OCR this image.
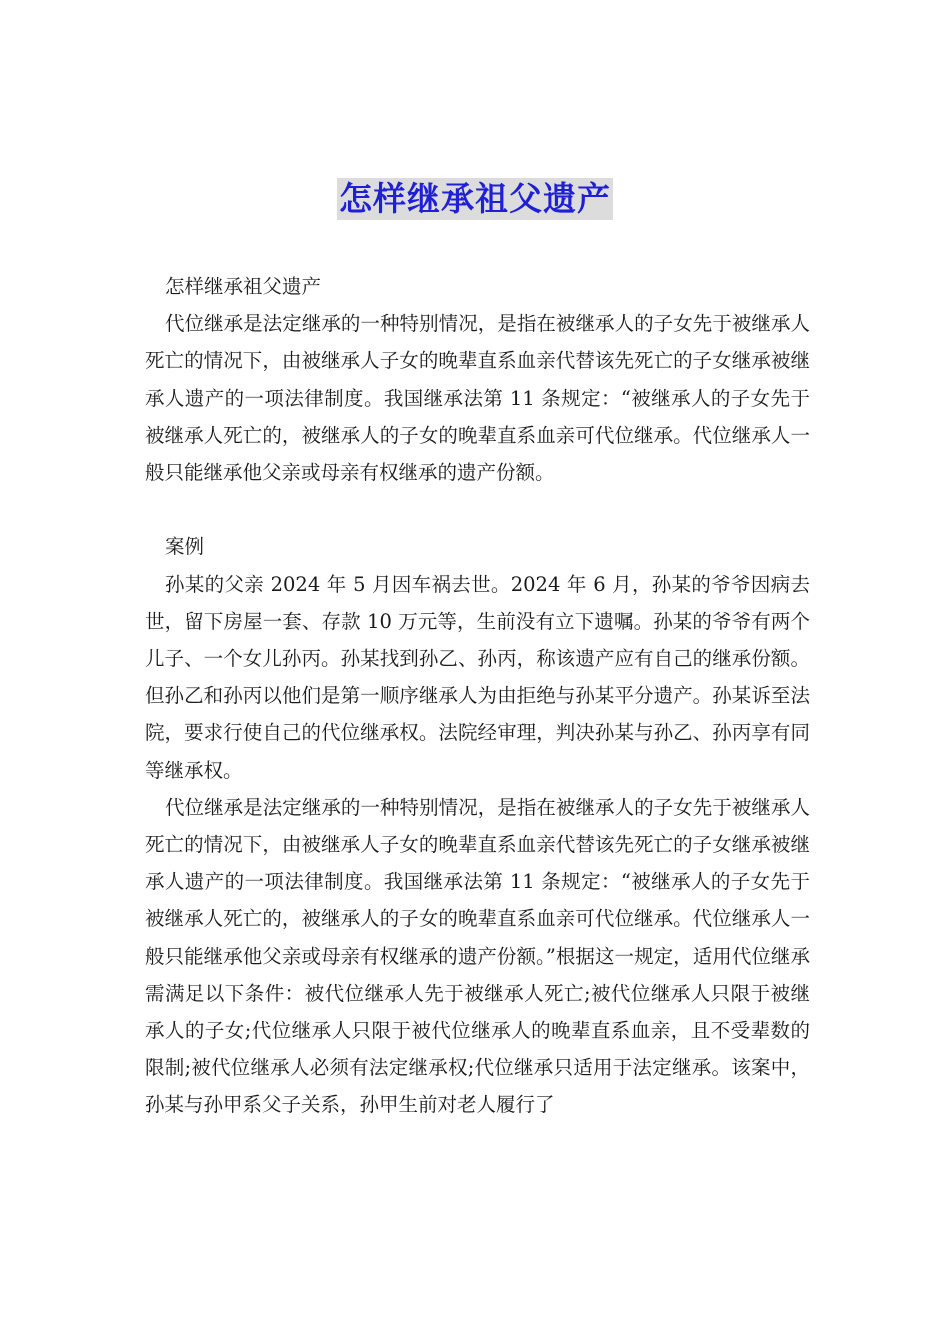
怎样继承祖父遗产

怎样继承祖父遗产

代位继承是法定继承的一种特别情况，是指在被继承人的子女先于被继承人死亡的情况下，由被继承人子女的晚辈直系血亲代替该先死亡的子女继承被继承人遗产的一项法律制度。我国继承法第 11 条规定：“被继承人的子女先于被继承人死亡的，被继承人的子女的晚辈直系血亲可代位继承。代位继承人一般只能继承他父亲或母亲有权继承的遗产份额。

案例

孙某的父亲 2024 年 5 月因车祸去世。2024 年 6 月，孙某的爷爷因病去世，留下房屋一套、存款 10 万元等，生前没有立下遗嘱。孙某的爷爷有两个儿子、一个女儿孙丙。孙某找到孙乙、孙丙，称该遗产应有自己的继承份额。但孙乙和孙丙以他们是第一顺序继承人为由拒绝与孙某平分遗产。孙某诉至法院，要求行使自己的代位继承权。法院经审理，判决孙某与孙乙、孙丙享有同等继承权。

代位继承是法定继承的一种特别情况，是指在被继承人的子女先于被继承人死亡的情况下，由被继承人子女的晚辈直系血亲代替该先死亡的子女继承被继承人遗产的一项法律制度。我国继承法第 11 条规定：“被继承人的子女先于被继承人死亡的，被继承人的子女的晚辈直系血亲可代位继承。代位继承人一般只能继承他父亲或母亲有权继承的遗产份额。”根据这一规定，适用代位继承需满足以下条件：被代位继承人先于被继承人死亡;被代位继承人只限于被继承人的子女;代位继承人只限于被代位继承人的晚辈直系血亲，且不受辈数的限制;被代位继承人必须有法定继承权;代位继承只适用于法定继承。该案中，孙某与孙甲系父子关系，孙甲生前对老人履行了
